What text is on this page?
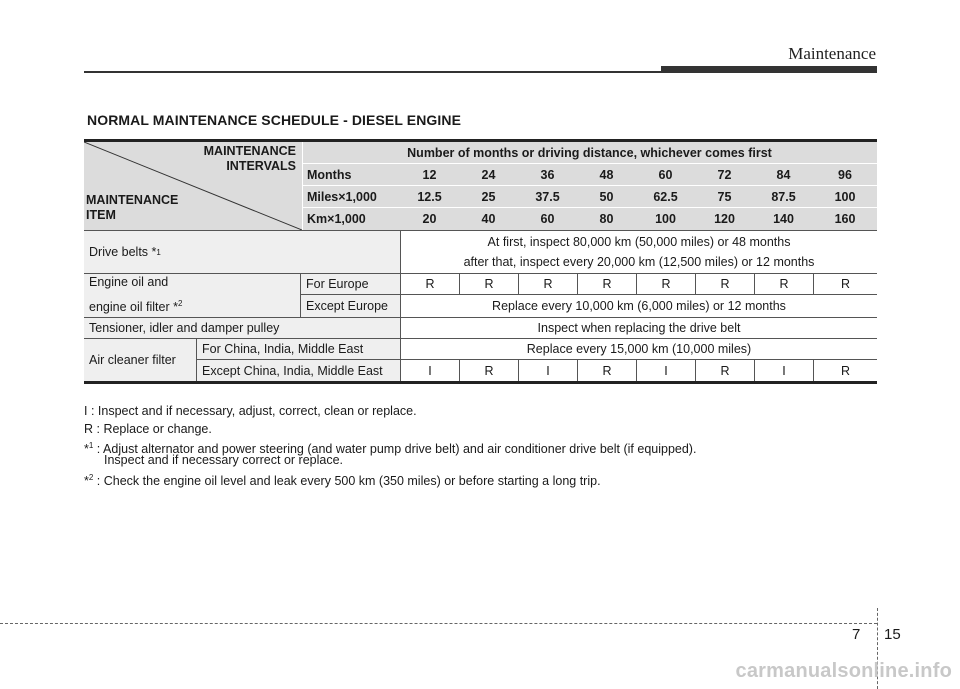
Maintenance
NORMAL MAINTENANCE SCHEDULE - DIESEL ENGINE
MAINTENANCE
INTERVALS
MAINTENANCE
ITEM
Number of months or driving distance, whichever comes first
Months	12	24	36	48	60	72	84	96
Miles×1,000	12.5	25	37.5	50	62.5	75	87.5	100
Km×1,000	20	40	60	80	100	120	140	160
Drive belts * 1
At first, inspect 80,000 km (50,000 miles) or 48 months
after that, inspect every 20,000 km (12,500 miles) or 12 months
Engine oil and
engine oil filter *$^2$
For Europe	R	R	R	R	R	R	R	R
Except Europe	Replace every 10,000 km (6,000 miles) or 12 months
Tensioner, idler and damper pulley	Inspect when replacing the drive belt
Air cleaner filter
For China, India, Middle East	Replace every 15,000 km (10,000 miles)
Except China, India, Middle East	I	R	I	R	I	R	I	R
I : Inspect and if necessary, adjust, correct, clean or replace.
R : Replace or change.
*$^1$ : Adjust alternator and power steering (and water pump drive belt) and air conditioner drive belt (if equipped).
Inspect and if necessary correct or replace.
*$^2$ : Check the engine oil level and leak every 500 km (350 miles) or before starting a long trip.
7 15
carmanualsonline.info
